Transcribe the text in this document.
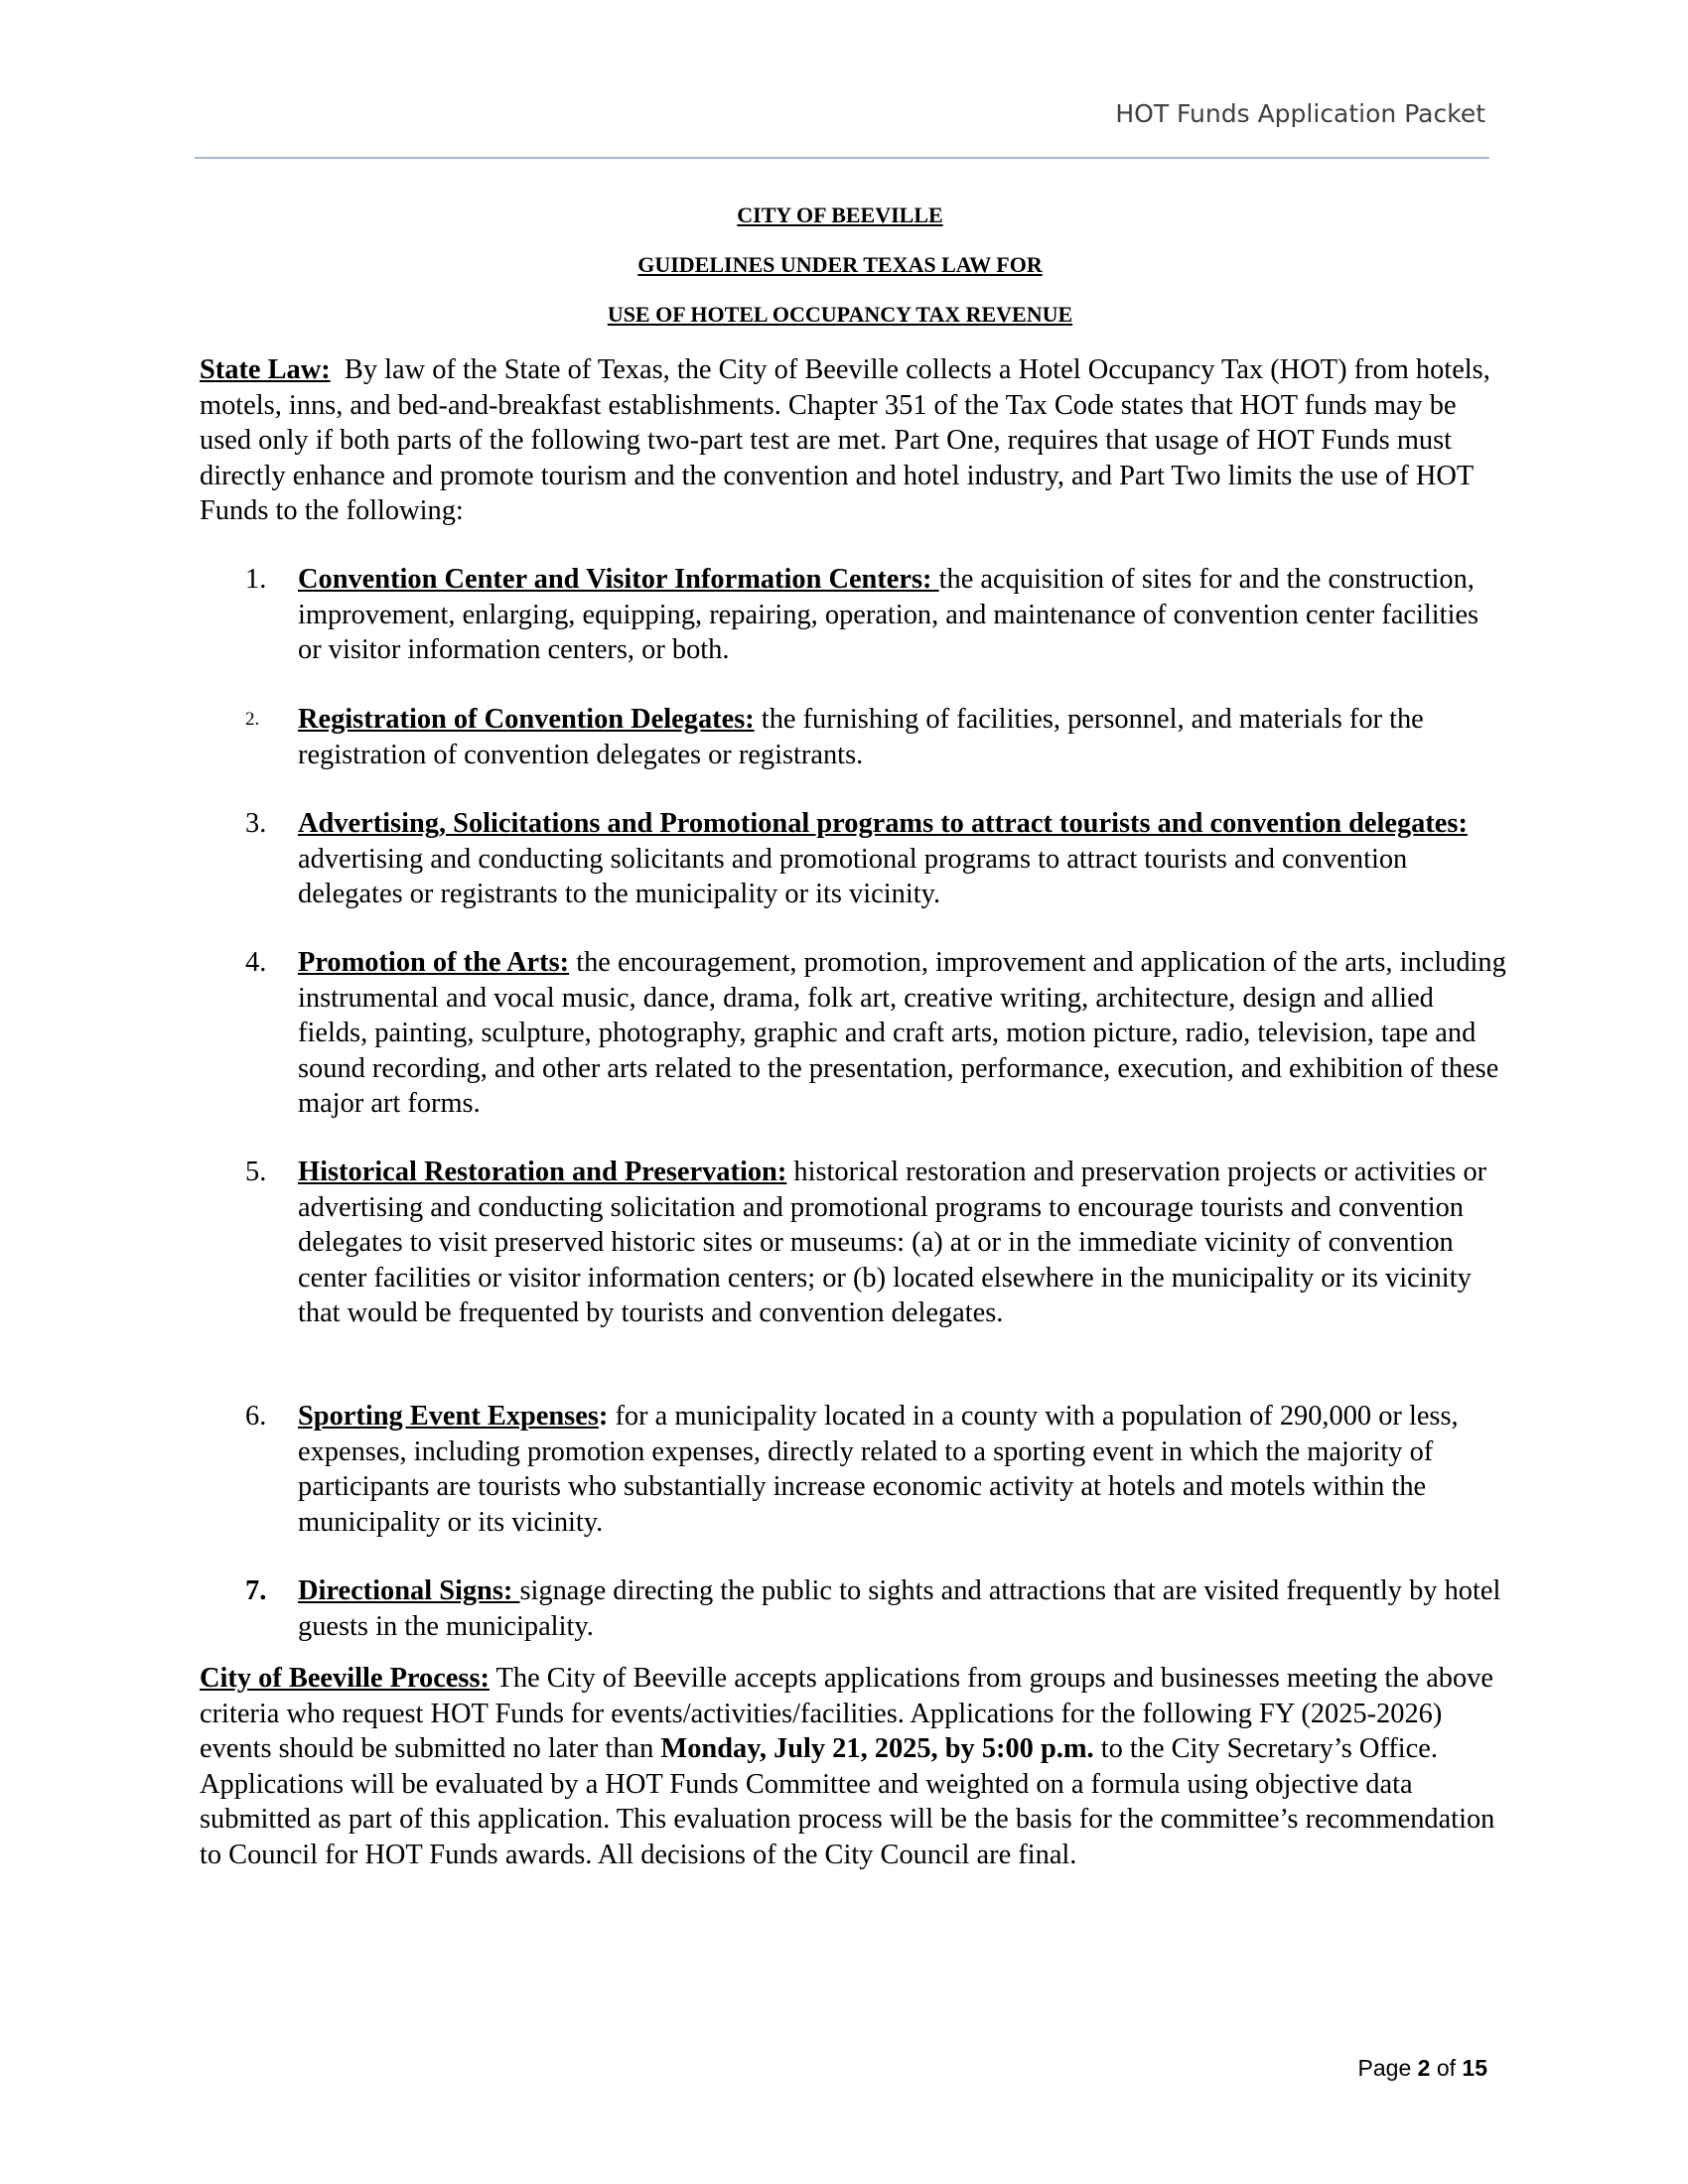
HOT Funds Application Packet
CITY OF BEEVILLE
GUIDELINES UNDER TEXAS LAW FOR
USE OF HOTEL OCCUPANCY TAX REVENUE
State Law: By law of the State of Texas, the City of Beeville collects a Hotel Occupancy Tax (HOT) from hotels, motels, inns, and bed-and-breakfast establishments. Chapter 351 of the Tax Code states that HOT funds may be used only if both parts of the following two-part test are met. Part One, requires that usage of HOT Funds must directly enhance and promote tourism and the convention and hotel industry, and Part Two limits the use of HOT Funds to the following:
1.	Convention Center and Visitor Information Centers: the acquisition of sites for and the construction, improvement, enlarging, equipping, repairing, operation, and maintenance of convention center facilities or visitor information centers, or both.
2.	Registration of Convention Delegates: the furnishing of facilities, personnel, and materials for the registration of convention delegates or registrants.
3.	Advertising, Solicitations and Promotional programs to attract tourists and convention delegates: advertising and conducting solicitants and promotional programs to attract tourists and convention delegates or registrants to the municipality or its vicinity.
4.	Promotion of the Arts: the encouragement, promotion, improvement and application of the arts, including instrumental and vocal music, dance, drama, folk art, creative writing, architecture, design and allied fields, painting, sculpture, photography, graphic and craft arts, motion picture, radio, television, tape and sound recording, and other arts related to the presentation, performance, execution, and exhibition of these major art forms.
5.	Historical Restoration and Preservation: historical restoration and preservation projects or activities or advertising and conducting solicitation and promotional programs to encourage tourists and convention delegates to visit preserved historic sites or museums: (a) at or in the immediate vicinity of convention center facilities or visitor information centers; or (b) located elsewhere in the municipality or its vicinity that would be frequented by tourists and convention delegates.
6.	Sporting Event Expenses: for a municipality located in a county with a population of 290,000 or less, expenses, including promotion expenses, directly related to a sporting event in which the majority of participants are tourists who substantially increase economic activity at hotels and motels within the municipality or its vicinity.
7.	Directional Signs: signage directing the public to sights and attractions that are visited frequently by hotel guests in the municipality.
City of Beeville Process: The City of Beeville accepts applications from groups and businesses meeting the above criteria who request HOT Funds for events/activities/facilities. Applications for the following FY (2025-2026) events should be submitted no later than Monday, July 21, 2025, by 5:00 p.m. to the City Secretary’s Office. Applications will be evaluated by a HOT Funds Committee and weighted on a formula using objective data submitted as part of this application. This evaluation process will be the basis for the committee’s recommendation to Council for HOT Funds awards. All decisions of the City Council are final.
Page 2 of 15
